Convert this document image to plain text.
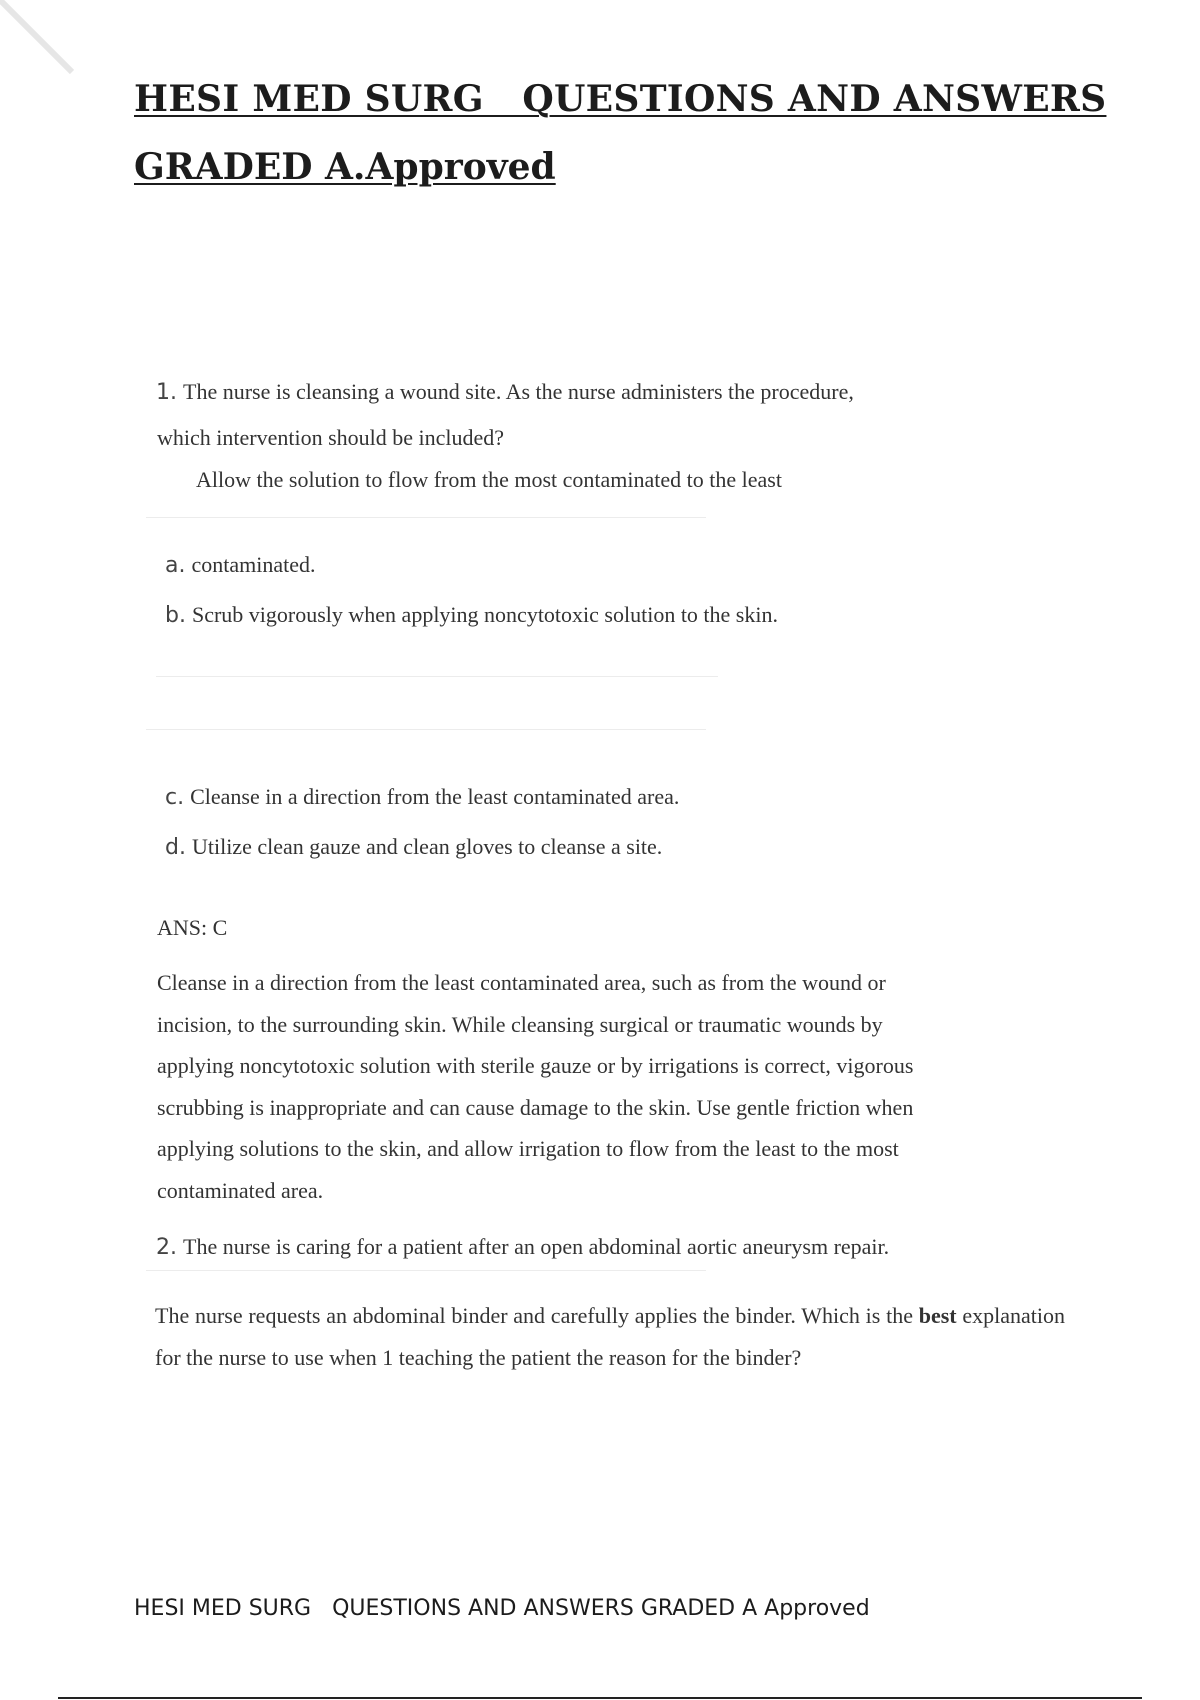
HESI MED SURG   QUESTIONS AND ANSWERS
GRADED A.Approved

1. The nurse is cleansing a wound site. As the nurse administers the procedure,

which intervention should be included?

Allow the solution to flow from the most contaminated to the least

a. contaminated.

b. Scrub vigorously when applying noncytotoxic solution to the skin.

c. Cleanse in a direction from the least contaminated area.

d. Utilize clean gauze and clean gloves to cleanse a site.

ANS: C

Cleanse in a direction from the least contaminated area, such as from the wound or
incision, to the surrounding skin. While cleansing surgical or traumatic wounds by
applying noncytotoxic solution with sterile gauze or by irrigations is correct, vigorous
scrubbing is inappropriate and can cause damage to the skin. Use gentle friction when
applying solutions to the skin, and allow irrigation to flow from the least to the most
contaminated area.

2. The nurse is caring for a patient after an open abdominal aortic aneurysm repair.

The nurse requests an abdominal binder and carefully applies the binder. Which is the best explanation for the nurse to use when 1 teaching the patient the reason for the binder?

HESI MED SURG   QUESTIONS AND ANSWERS GRADED A Approved
